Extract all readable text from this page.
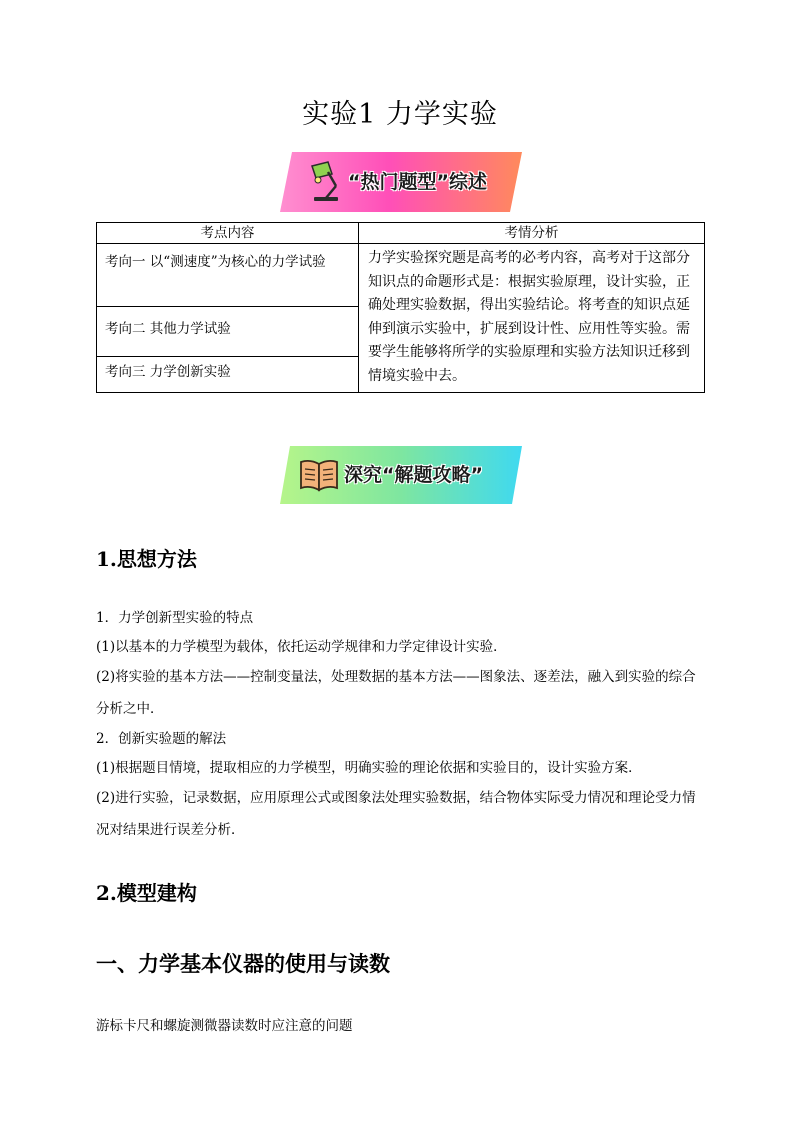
实验1 力学实验
“热门题型”综述
考点内容	考情分析
考向一 以“测速度”为核心的力学试验	力学实验探究题是高考的必考内容，高考对于这部分知识点的命题形式是：根据实验原理，设计实验，正确处理实验数据，得出实验结论。将考查的知识点延伸到演示实验中，扩展到设计性、应用性等实验。需要学生能够将所学的实验原理和实验方法知识迁移到情境实验中去。
考向二 其他力学试验	
考向三 力学创新实验	
深究“解题攻略”
1.思想方法

1．力学创新型实验的特点

(1)以基本的力学模型为载体，依托运动学规律和力学定律设计实验．

(2)将实验的基本方法——控制变量法，处理数据的基本方法——图象法、逐差法，融入到实验的综合分析之中．

2．创新实验题的解法

(1)根据题目情境，提取相应的力学模型，明确实验的理论依据和实验目的，设计实验方案．

(2)进行实验，记录数据，应用原理公式或图象法处理实验数据，结合物体实际受力情况和理论受力情况对结果进行误差分析．

2.模型建构
一、力学基本仪器的使用与读数
游标卡尺和螺旋测微器读数时应注意的问题
